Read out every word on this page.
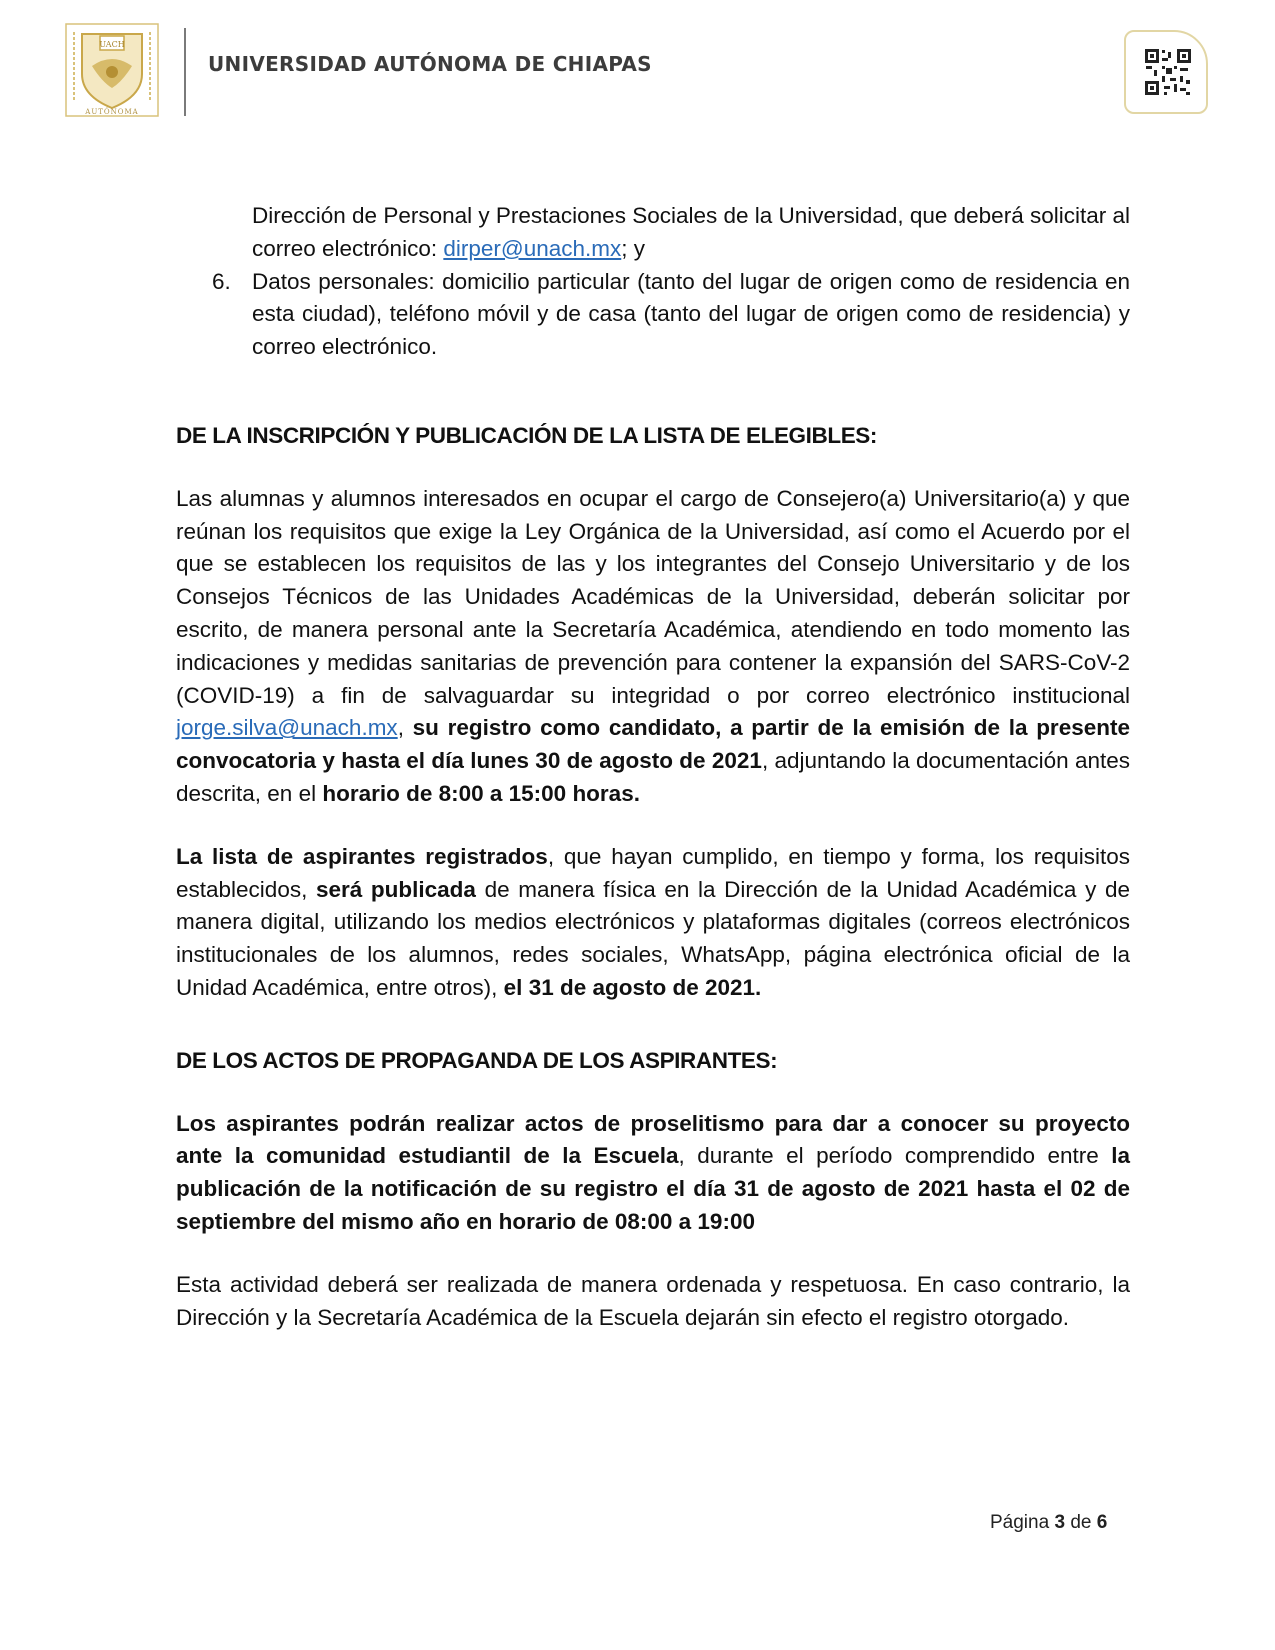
UACH
AUTÓNOMA
UNIVERSIDAD AUTÓNOMA DE CHIAPAS

Dirección de Personal y Prestaciones Sociales de la Universidad, que deberá solicitar al correo electrónico: dirper@unach.mx; y

6. Datos personales: domicilio particular (tanto del lugar de origen como de residencia en esta ciudad), teléfono móvil y de casa (tanto del lugar de origen como de residencia) y correo electrónico.

DE LA INSCRIPCIÓN Y PUBLICACIÓN DE LA LISTA DE ELEGIBLES:

Las alumnas y alumnos interesados en ocupar el cargo de Consejero(a) Universitario(a) y que reúnan los requisitos que exige la Ley Orgánica de la Universidad, así como el Acuerdo por el que se establecen los requisitos de las y los integrantes del Consejo Universitario y de los Consejos Técnicos de las Unidades Académicas de la Universidad, deberán solicitar por escrito, de manera personal ante la Secretaría Académica, atendiendo en todo momento las indicaciones y medidas sanitarias de prevención para contener la expansión del SARS-CoV-2 (COVID-19) a fin de salvaguardar su integridad o por correo electrónico institucional jorge.silva@unach.mx, su registro como candidato, a partir de la emisión de la presente convocatoria y hasta el día lunes 30 de agosto de 2021, adjuntando la documentación antes descrita, en el horario de 8:00 a 15:00 horas.

La lista de aspirantes registrados, que hayan cumplido, en tiempo y forma, los requisitos establecidos, será publicada de manera física en la Dirección de la Unidad Académica y de manera digital, utilizando los medios electrónicos y plataformas digitales (correos electrónicos institucionales de los alumnos, redes sociales, WhatsApp, página electrónica oficial de la Unidad Académica, entre otros), el 31 de agosto de 2021.

DE LOS ACTOS DE PROPAGANDA DE LOS ASPIRANTES:

Los aspirantes podrán realizar actos de proselitismo para dar a conocer su proyecto ante la comunidad estudiantil de la Escuela, durante el período comprendido entre la publicación de la notificación de su registro el día 31 de agosto de 2021 hasta el 02 de septiembre del mismo año en horario de 08:00 a 19:00

Esta actividad deberá ser realizada de manera ordenada y respetuosa. En caso contrario, la Dirección y la Secretaría Académica de la Escuela dejarán sin efecto el registro otorgado.

Página 3 de 6
